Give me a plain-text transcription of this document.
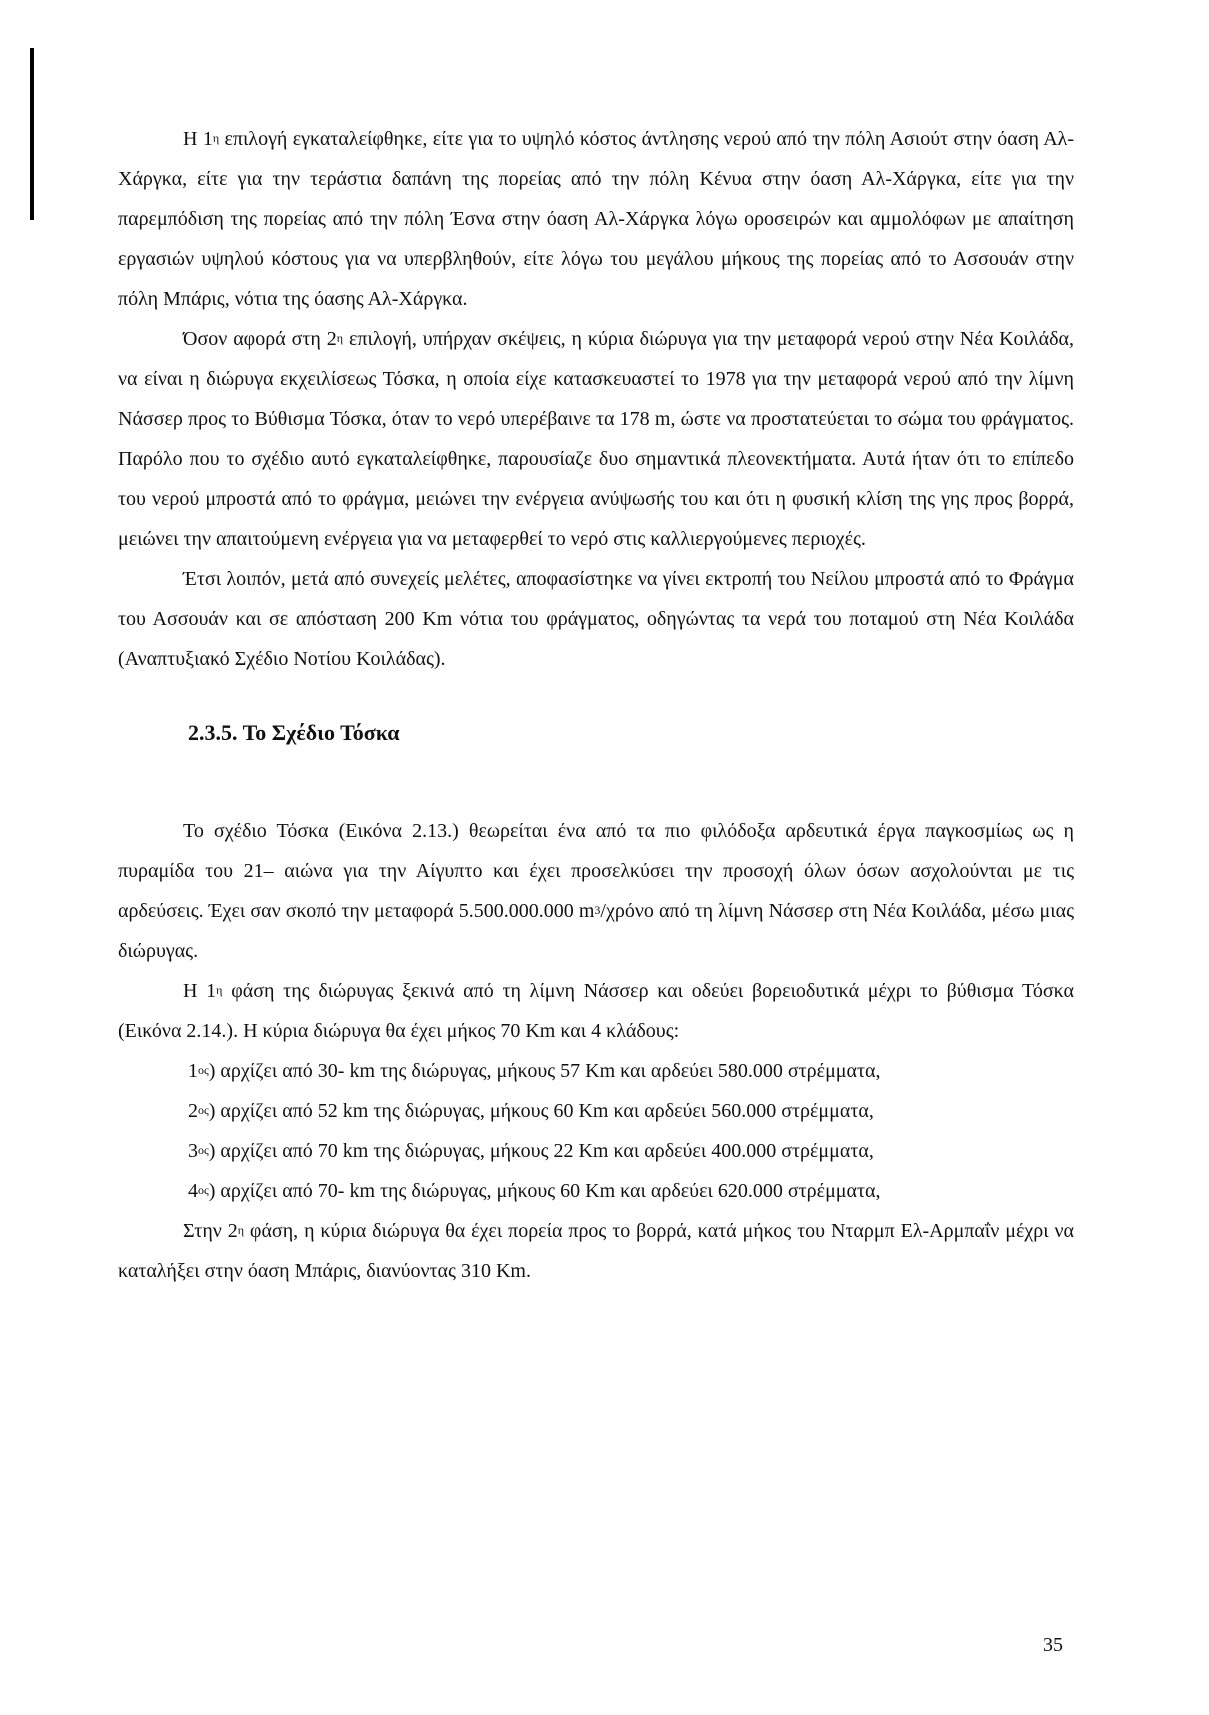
Η $1^\eta$ επιλογή εγκαταλείφθηκε, είτε για το υψηλό κόστος άντλησης νερού από την πόλη Ασιούτ στην όαση Αλ-Χάργκα, είτε για την τεράστια δαπάνη της πορείας από την πόλη Κένυα στην όαση Αλ-Χάργκα, είτε για την παρεμπόδιση της πορείας από την πόλη Έσνα στην όαση Αλ-Χάργκα λόγω οροσειρών και αμμολόφων με απαίτηση εργασιών υψηλού κόστους για να υπερβληθούν, είτε λόγω του μεγάλου μήκους της πορείας από το Ασσουάν στην πόλη Μπάρις, νότια της όασης Αλ-Χάργκα.

Όσον αφορά στη $2^\eta$ επιλογή, υπήρχαν σκέψεις, η κύρια διώρυγα για την μεταφορά νερού στην Νέα Κοιλάδα, να είναι η διώρυγα εκχειλίσεως Τόσκα, η οποία είχε κατασκευαστεί το 1978 για την μεταφορά νερού από την λίμνη Νάσσερ προς το Βύθισμα Τόσκα, όταν το νερό υπερέβαινε τα 178 m, ώστε να προστατεύεται το σώμα του φράγματος. Παρόλο που το σχέδιο αυτό εγκαταλείφθηκε, παρουσίαζε δυο σημαντικά πλεονεκτήματα. Αυτά ήταν ότι το επίπεδο του νερού μπροστά από το φράγμα, μειώνει την ενέργεια ανύψωσής του και ότι η φυσική κλίση της γης προς βορρά, μειώνει την απαιτούμενη ενέργεια για να μεταφερθεί το νερό στις καλλιεργούμενες περιοχές.

Έτσι λοιπόν, μετά από συνεχείς μελέτες, αποφασίστηκε να γίνει εκτροπή του Νείλου μπροστά από το Φράγμα του Ασσουάν και σε απόσταση 200 Km νότια του φράγματος, οδηγώντας τα νερά του ποταμού στη Νέα Κοιλάδα (Αναπτυξιακό Σχέδιο Νοτίου Κοιλάδας).

2.3.5. Το Σχέδιο Τόσκα

Το σχέδιο Τόσκα (Εικόνα 2.13.) θεωρείται ένα από τα πιο φιλόδοξα αρδευτικά έργα παγκοσμίως ως η πυραμίδα του 21– αιώνα για την Αίγυπτο και έχει προσελκύσει την προσοχή όλων όσων ασχολούνται με τις αρδεύσεις. Έχει σαν σκοπό την μεταφορά 5.500.000.000 $m^3$/χρόνο από τη λίμνη Νάσσερ στη Νέα Κοιλάδα, μέσω μιας διώρυγας.

Η $1^\eta$ φάση της διώρυγας ξεκινά από τη λίμνη Νάσσερ και οδεύει βορειοδυτικά μέχρι το βύθισμα Τόσκα (Εικόνα 2.14.). Η κύρια διώρυγα θα έχει μήκος 70 Km και 4 κλάδους:

$1^{o\varsigma}$) αρχίζει από 30- km της διώρυγας, μήκους 57 Km και αρδεύει 580.000 στρέμματα,

$2^{o\varsigma}$) αρχίζει από 52 km της διώρυγας, μήκους 60 Km και αρδεύει 560.000 στρέμματα,

$3^{o\varsigma}$) αρχίζει από 70 km της διώρυγας, μήκους 22 Km και αρδεύει 400.000 στρέμματα,

$4^{o\varsigma}$) αρχίζει από 70- km της διώρυγας, μήκους 60 Km και αρδεύει 620.000 στρέμματα,

Στην $2^\eta$ φάση, η κύρια διώρυγα θα έχει πορεία προς το βορρά, κατά μήκος του Νταρμπ Ελ-Αρμπαΐν μέχρι να καταλήξει στην όαση Μπάρις, διανύοντας 310 Km.

35
